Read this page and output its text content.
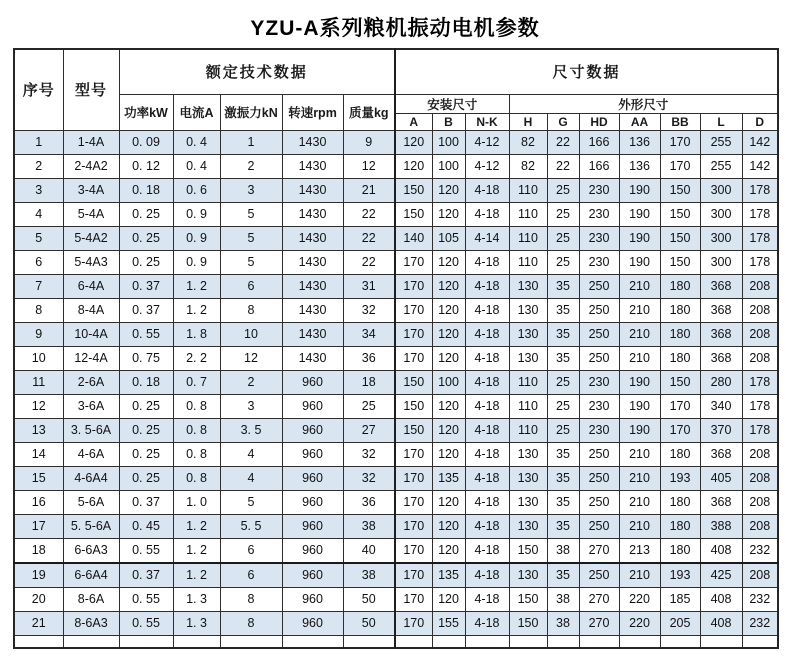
YZU-A系列粮机振动电机参数
序号	型号	额定技术数据					尺寸数据									
		功率kW	电流A	激振力kN	转速rpm	质量kg	安装尺寸			外形尺寸						
							A	B	N-K	H	G	HD	AA	BB	L	D
1	1-4A	0. 09	0. 4	1	1430	9	120	100	4-12	82	22	166	136	170	255	142
2	2-4A2	0. 12	0. 4	2	1430	12	120	100	4-12	82	22	166	136	170	255	142
3	3-4A	0. 18	0. 6	3	1430	21	150	120	4-18	110	25	230	190	150	300	178
4	5-4A	0. 25	0. 9	5	1430	22	150	120	4-18	110	25	230	190	150	300	178
5	5-4A2	0. 25	0. 9	5	1430	22	140	105	4-14	110	25	230	190	150	300	178
6	5-4A3	0. 25	0. 9	5	1430	22	170	120	4-18	110	25	230	190	150	300	178
7	6-4A	0. 37	1. 2	6	1430	31	170	120	4-18	130	35	250	210	180	368	208
8	8-4A	0. 37	1. 2	8	1430	32	170	120	4-18	130	35	250	210	180	368	208
9	10-4A	0. 55	1. 8	10	1430	34	170	120	4-18	130	35	250	210	180	368	208
10	12-4A	0. 75	2. 2	12	1430	36	170	120	4-18	130	35	250	210	180	368	208
11	2-6A	0. 18	0. 7	2	960	18	150	100	4-18	110	25	230	190	150	280	178
12	3-6A	0. 25	0. 8	3	960	25	150	120	4-18	110	25	230	190	170	340	178
13	3. 5-6A	0. 25	0. 8	3. 5	960	27	150	120	4-18	110	25	230	190	170	370	178
14	4-6A	0. 25	0. 8	4	960	32	170	120	4-18	130	35	250	210	180	368	208
15	4-6A4	0. 25	0. 8	4	960	32	170	135	4-18	130	35	250	210	193	405	208
16	5-6A	0. 37	1. 0	5	960	36	170	120	4-18	130	35	250	210	180	368	208
17	5. 5-6A	0. 45	1. 2	5. 5	960	38	170	120	4-18	130	35	250	210	180	388	208
18	6-6A3	0. 55	1. 2	6	960	40	170	120	4-18	150	38	270	213	180	408	232
19	6-6A4	0. 37	1. 2	6	960	38	170	135	4-18	130	35	250	210	193	425	208
20	8-6A	0. 55	1. 3	8	960	50	170	120	4-18	150	38	270	220	185	408	232
21	8-6A3	0. 55	1. 3	8	960	50	170	155	4-18	150	38	270	220	205	408	232
